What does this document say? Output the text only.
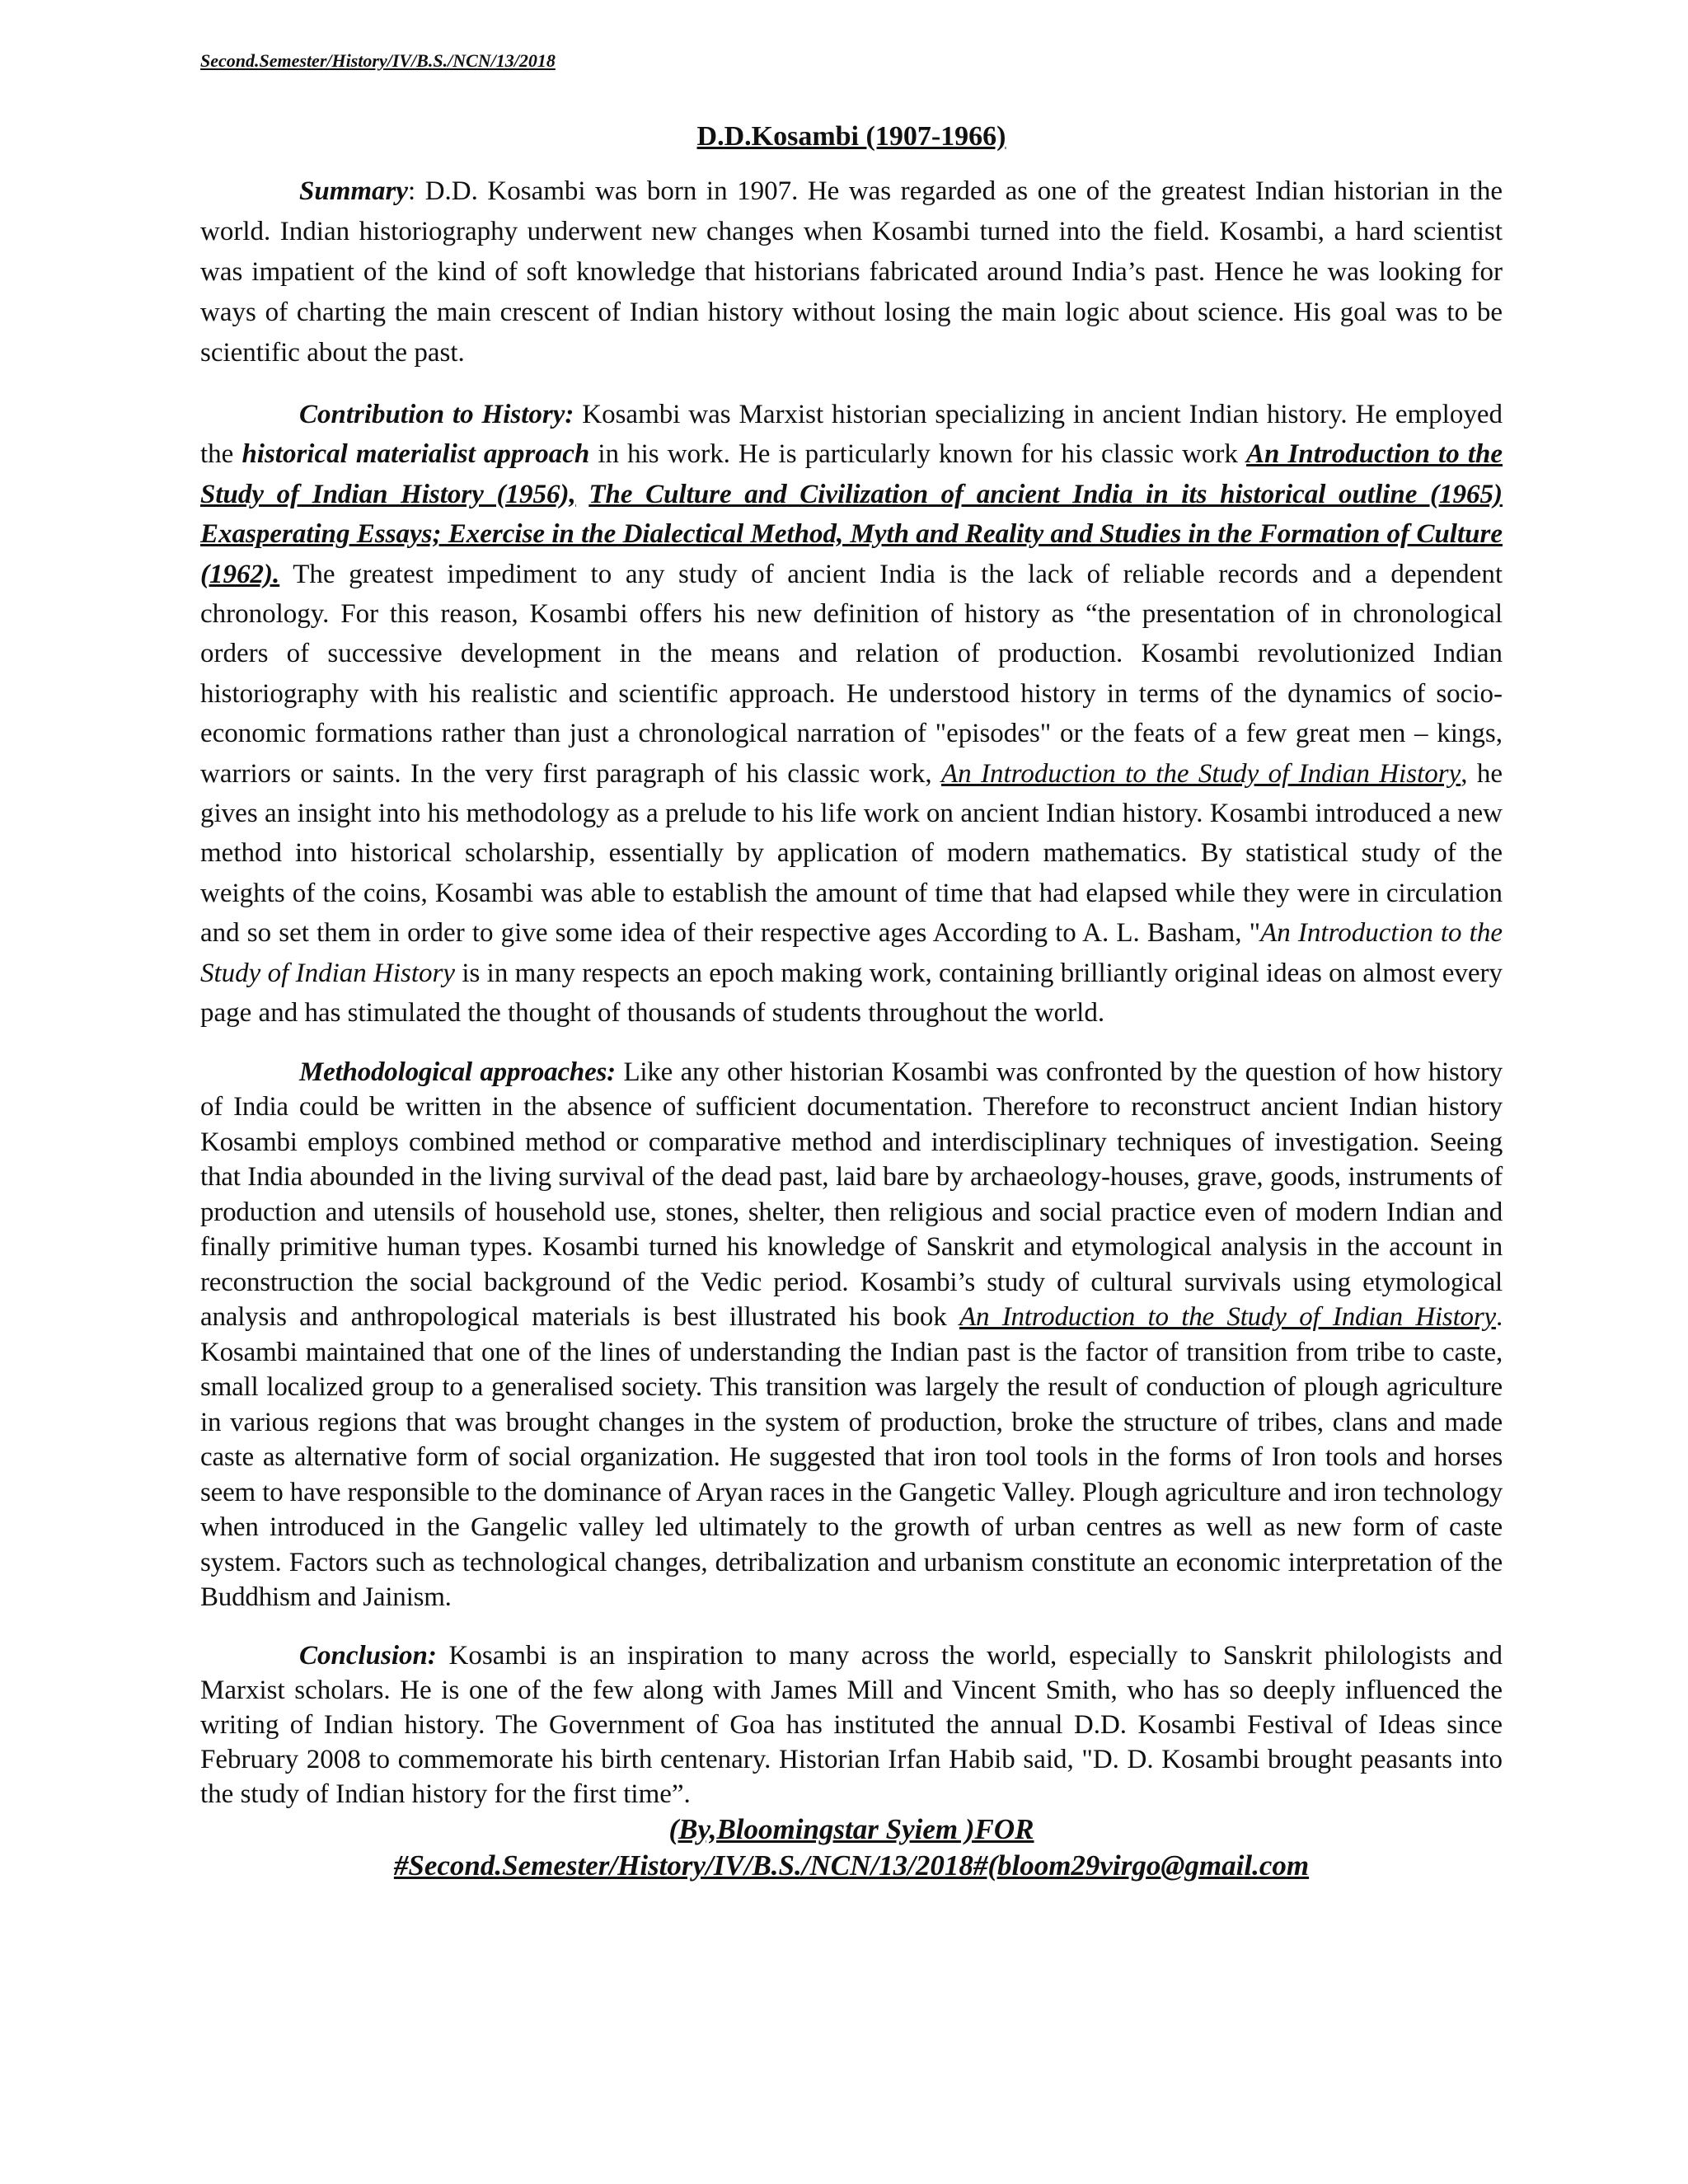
Second.Semester/History/IV/B.S./NCN/13/2018
D.D.Kosambi (1907-1966)

Summary: D.D. Kosambi was born in 1907. He was regarded as one of the greatest Indian historian in the world. Indian historiography underwent new changes when Kosambi turned into the field. Kosambi, a hard scientist was impatient of the kind of soft knowledge that historians fabricated around India’s past. Hence he was looking for ways of charting the main crescent of Indian history without losing the main logic about science. His goal was to be scientific about the past.

Contribution to History: Kosambi was Marxist historian specializing in ancient Indian history. He employed the historical materialist approach in his work. He is particularly known for his classic work An Introduction to the Study of Indian History (1956), The Culture and Civilization of ancient India in its historical outline (1965) Exasperating Essays; Exercise in the Dialectical Method, Myth and Reality and Studies in the Formation of Culture (1962). The greatest impediment to any study of ancient India is the lack of reliable records and a dependent chronology. For this reason, Kosambi offers his new definition of history as “the presentation of in chronological orders of successive development in the means and relation of production. Kosambi revolutionized Indian historiography with his realistic and scientific approach. He understood history in terms of the dynamics of socio-economic formations rather than just a chronological narration of "episodes" or the feats of a few great men – kings, warriors or saints. In the very first paragraph of his classic work, An Introduction to the Study of Indian History, he gives an insight into his methodology as a prelude to his life work on ancient Indian history. Kosambi introduced a new method into historical scholarship, essentially by application of modern mathematics. By statistical study of the weights of the coins, Kosambi was able to establish the amount of time that had elapsed while they were in circulation and so set them in order to give some idea of their respective ages According to A. L. Basham, "An Introduction to the Study of Indian History is in many respects an epoch making work, containing brilliantly original ideas on almost every page and has stimulated the thought of thousands of students throughout the world.

Methodological approaches: Like any other historian Kosambi was confronted by the question of how history of India could be written in the absence of sufficient documentation. Therefore to reconstruct ancient Indian history Kosambi employs combined method or comparative method and interdisciplinary techniques of investigation. Seeing that India abounded in the living survival of the dead past, laid bare by archaeology-houses, grave, goods, instruments of production and utensils of household use, stones, shelter, then religious and social practice even of modern Indian and finally primitive human types. Kosambi turned his knowledge of Sanskrit and etymological analysis in the account in reconstruction the social background of the Vedic period. Kosambi’s study of cultural survivals using etymological analysis and anthropological materials is best illustrated his book An Introduction to the Study of Indian History. Kosambi maintained that one of the lines of understanding the Indian past is the factor of transition from tribe to caste, small localized group to a generalised society. This transition was largely the result of conduction of plough agriculture in various regions that was brought changes in the system of production, broke the structure of tribes, clans and made caste as alternative form of social organization. He suggested that iron tool tools in the forms of Iron tools and horses seem to have responsible to the dominance of Aryan races in the Gangetic Valley. Plough agriculture and iron technology when introduced in the Gangelic valley led ultimately to the growth of urban centres as well as new form of caste system. Factors such as technological changes, detribalization and urbanism constitute an economic interpretation of the Buddhism and Jainism.

Conclusion: Kosambi is an inspiration to many across the world, especially to Sanskrit philologists and Marxist scholars. He is one of the few along with James Mill and Vincent Smith, who has so deeply influenced the writing of Indian history. The Government of Goa has instituted the annual D.D. Kosambi Festival of Ideas since February 2008 to commemorate his birth centenary. Historian Irfan Habib said, "D. D. Kosambi brought peasants into the study of Indian history for the first time”.

(By,Bloomingstar Syiem )FOR
#Second.Semester/History/IV/B.S./NCN/13/2018#(bloom29virgo@gmail.com
